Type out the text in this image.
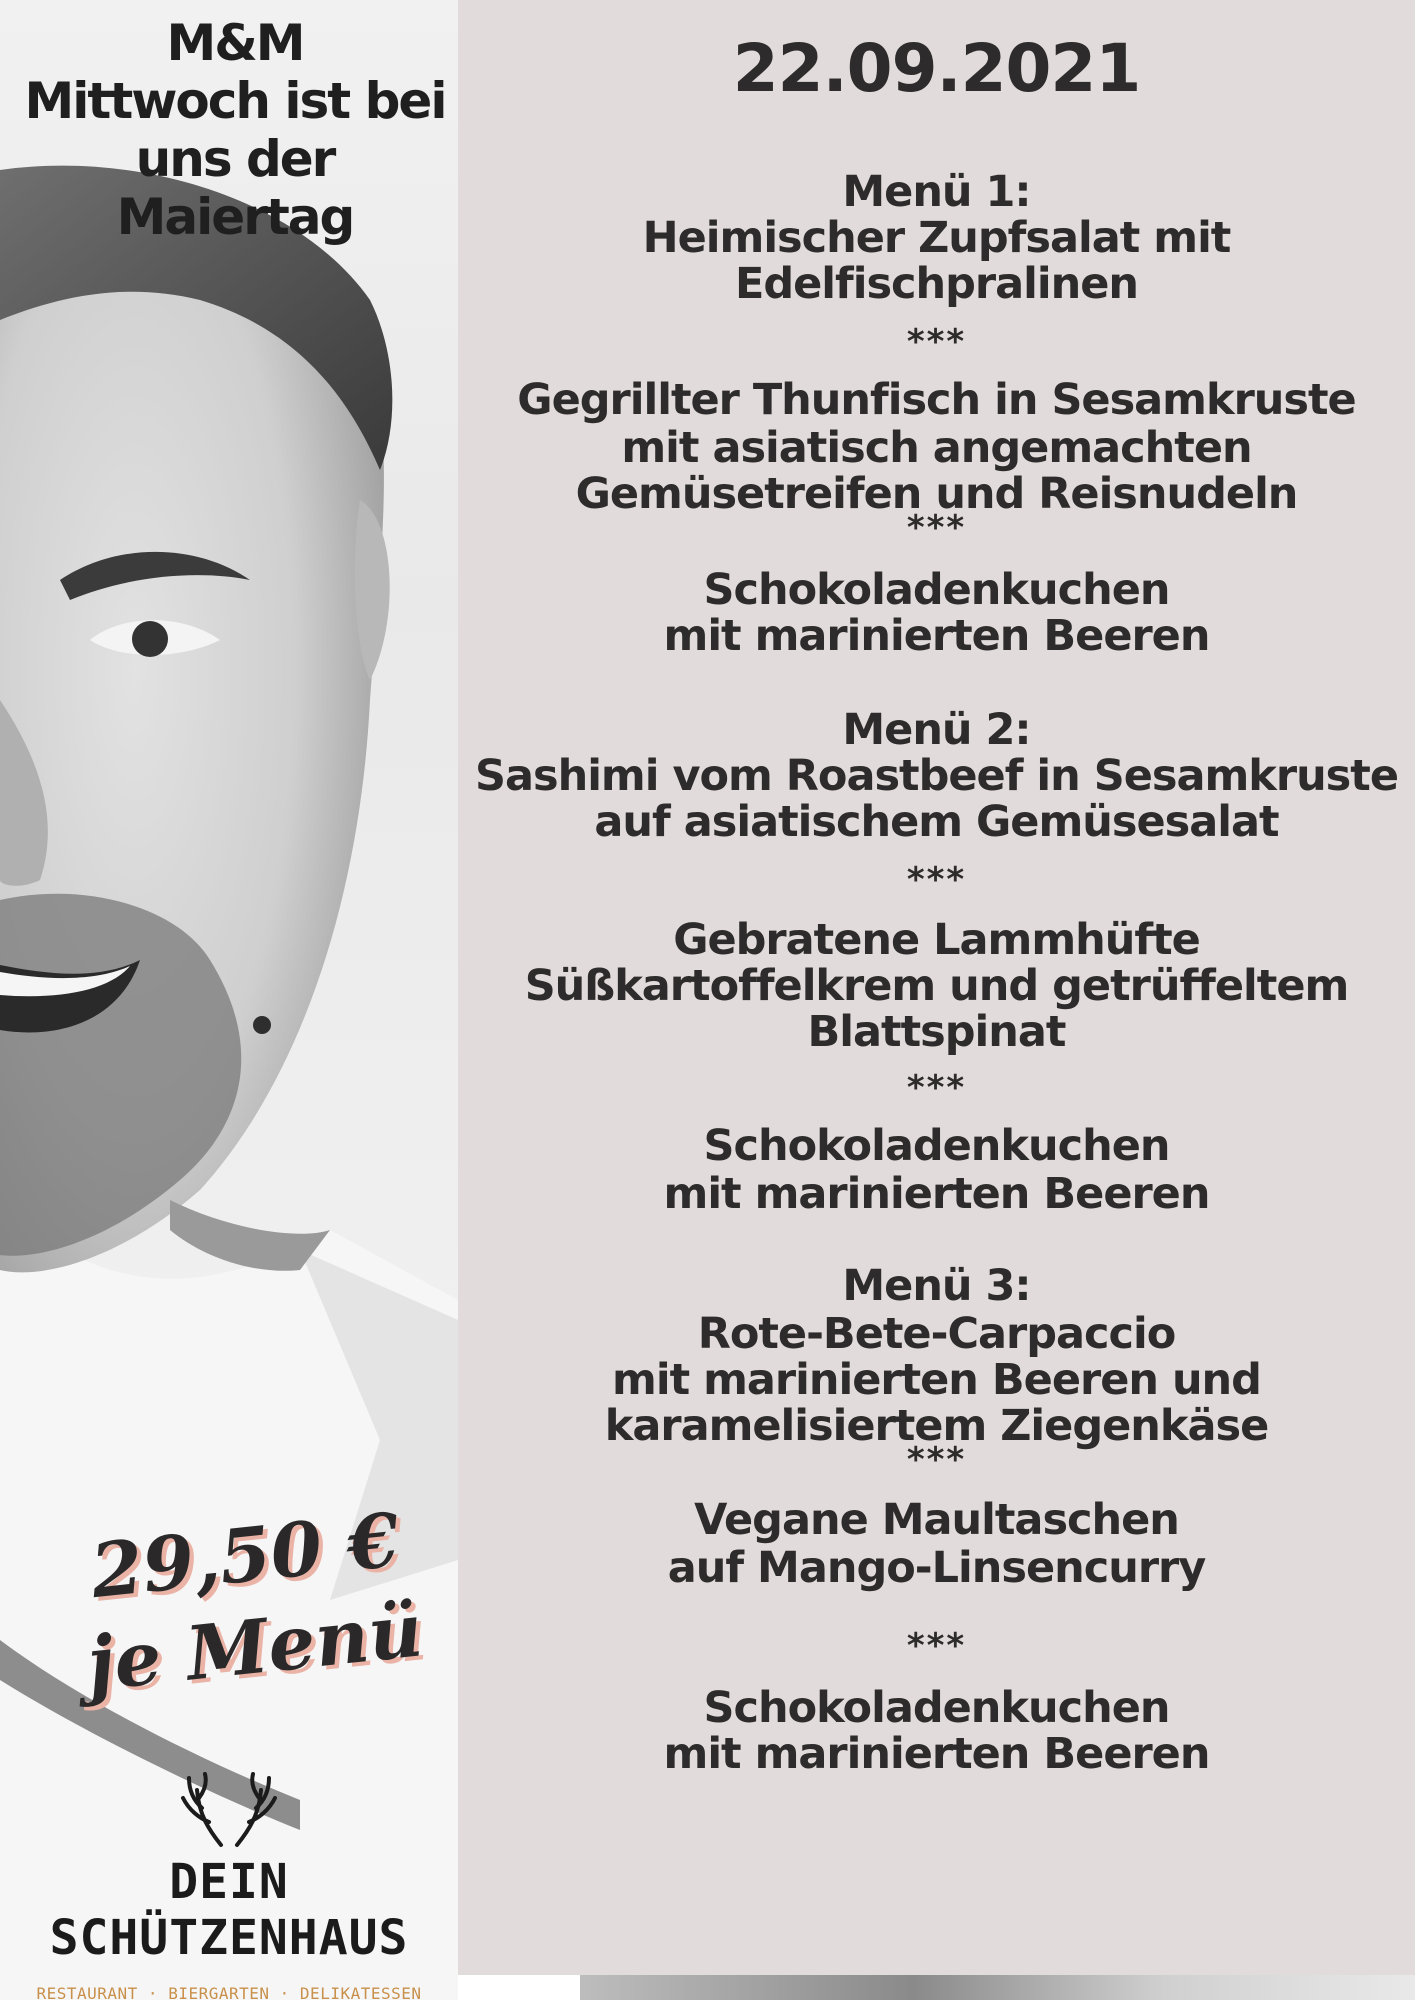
M&M
Mittwoch ist bei
uns der Maiertag
29,50 €
je Menü
DEIN SCHÜTZENHAUS
RESTAURANT · BIERGARTEN · DELIKATESSEN
22.09.2021
Menü 1:
Heimischer Zupfsalat mit
Edelfischpralinen
***
Gegrillter Thunfisch in Sesamkruste
mit asiatisch angemachten
Gemüsetreifen und Reisnudeln
***
Schokoladenkuchen
mit marinierten Beeren
Menü 2:
Sashimi vom Roastbeef in Sesamkruste
auf asiatischem Gemüsesalat
***
Gebratene Lammhüfte
Süßkartoffelkrem und getrüffeltem
Blattspinat
***
Schokoladenkuchen
mit marinierten Beeren
Menü 3:
Rote-Bete-Carpaccio
mit marinierten Beeren und
karamelisiertem Ziegenkäse
***
Vegane Maultaschen
auf Mango-Linsencurry
***
Schokoladenkuchen
mit marinierten Beeren
